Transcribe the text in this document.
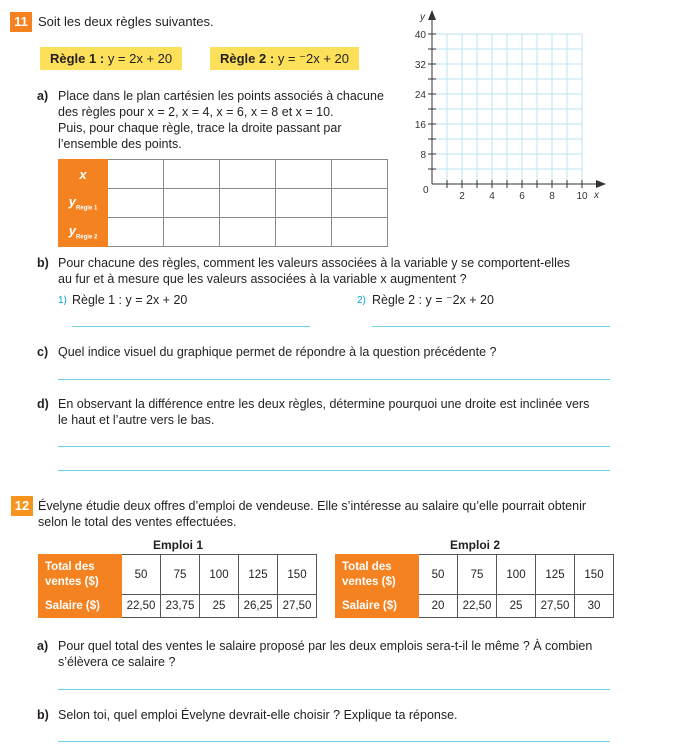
11 Soit les deux règles suivantes.
Règle 1 : y = 2x + 20	Règle 2 : y = ⁻2x + 20
a) Place dans le plan cartésien les points associés à chacune
des règles pour x = 2, x = 4, x = 6, x = 8 et x = 10.
Puis, pour chaque règle, trace la droite passant par
l’ensemble des points.
x					
$y_{Règle 1}$					
$y_{Règle 2}$					
y
x
0
40
32
24
16
8
2 4 6 8 10
b) Pour chacune des règles, comment les valeurs associées à la variable y se comportent-elles
au fur et à mesure que les valeurs associées à la variable x augmentent ?
1) Règle 1 : y = 2x + 20	2) Règle 2 : y = ⁻2x + 20
c) Quel indice visuel du graphique permet de répondre à la question précédente ?
d) En observant la différence entre les deux règles, détermine pourquoi une droite est inclinée vers
le haut et l’autre vers le bas.
12 Évelyne étudie deux offres d’emploi de vendeuse. Elle s’intéresse au salaire qu’elle pourrait obtenir
selon le total des ventes effectuées.
Emploi 1	Emploi 2
Total des
ventes ($)	50	75	100	125	150
Salaire ($)	22,50	23,75	25	26,25	27,50
Total des
ventes ($)	50	75	100	125	150
Salaire ($)	20	22,50	25	27,50	30
a) Pour quel total des ventes le salaire proposé par les deux emplois sera-t-il le même ? À combien
s’élèvera ce salaire ?
b) Selon toi, quel emploi Évelyne devrait-elle choisir ? Explique ta réponse.
